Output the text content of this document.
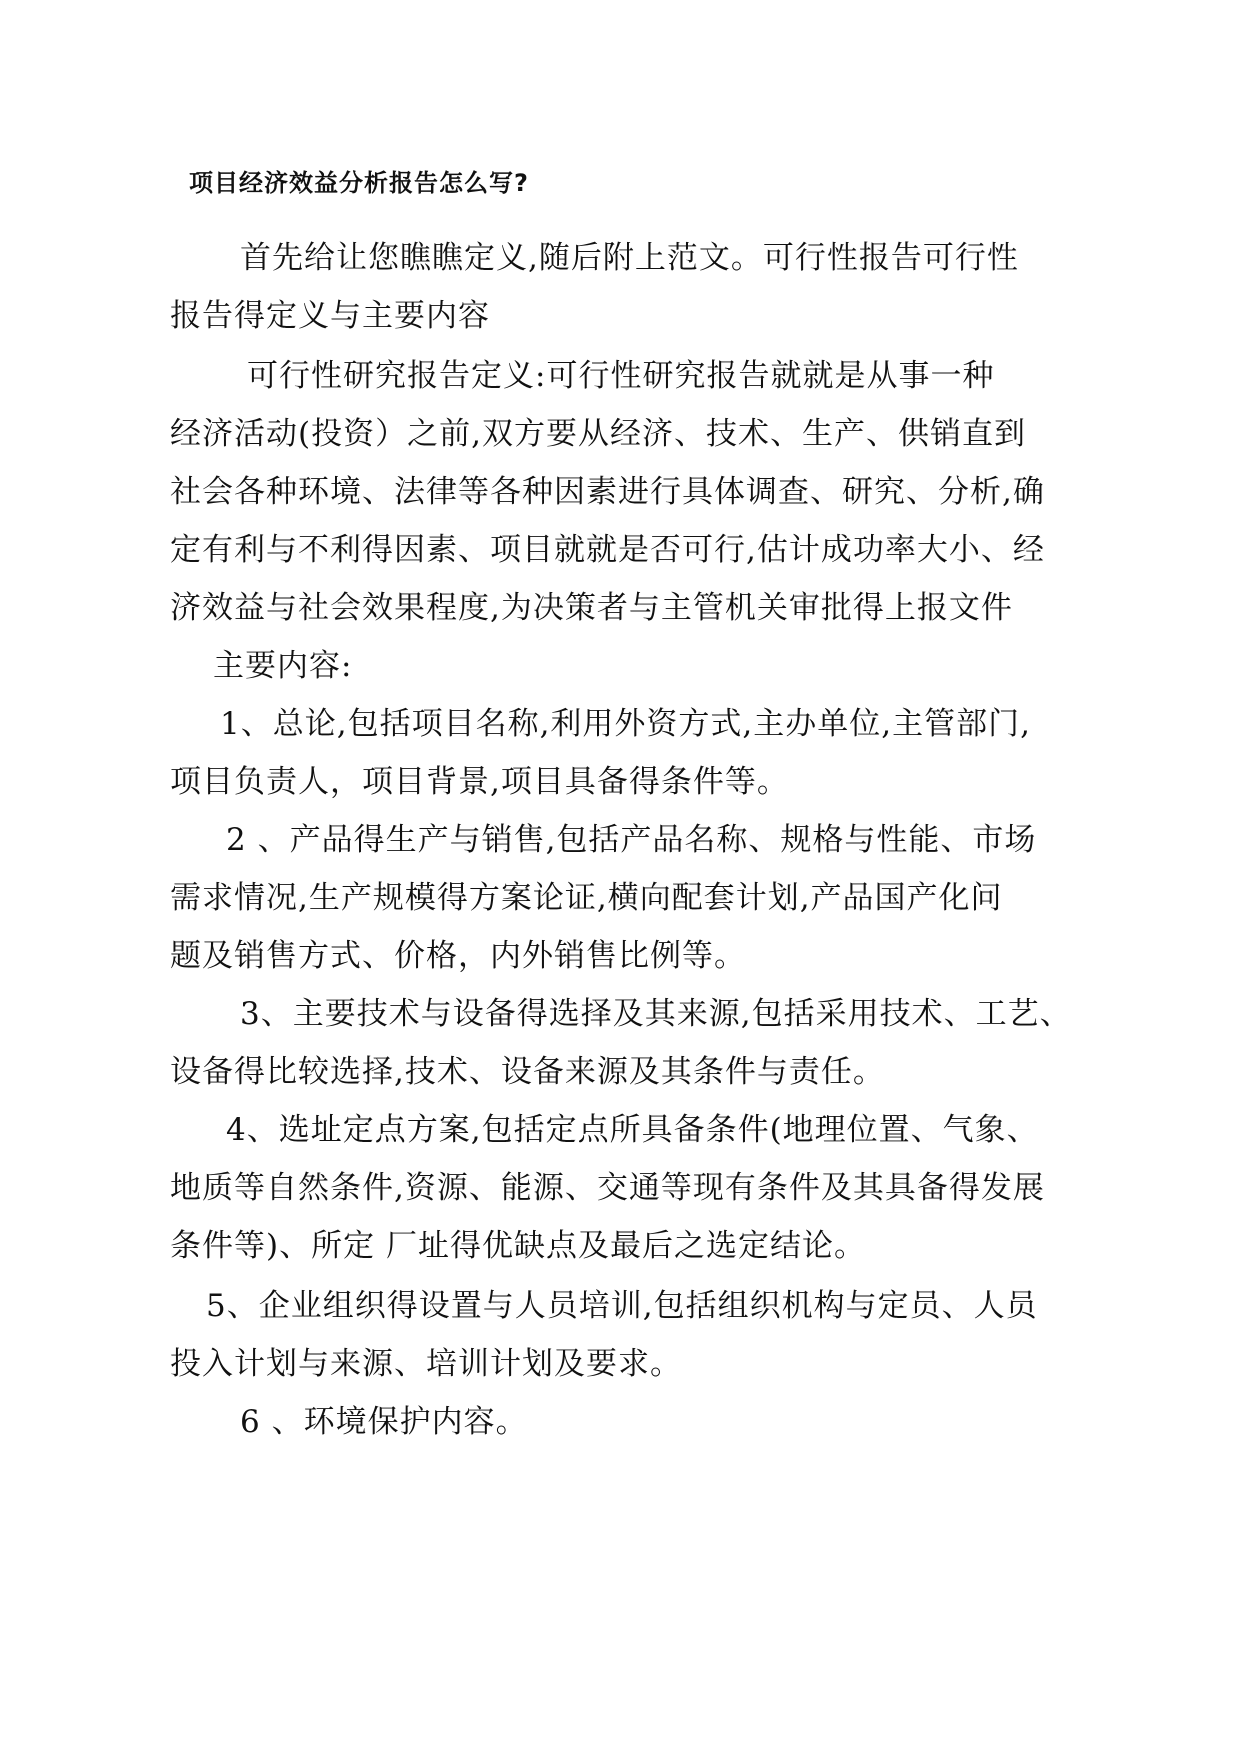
项目经济效益分析报告怎么写?
首先给让您瞧瞧定义,随后附上范文。可行性报告可行性
报告得定义与主要内容
可行性研究报告定义:可行性研究报告就就是从事一种
经济活动(投资）之前,双方要从经济、技术、生产、供销直到
社会各种环境、法律等各种因素进行具体调查、研究、分析,确
定有利与不利得因素、项目就就是否可行,估计成功率大小、经
济效益与社会效果程度,为决策者与主管机关审批得上报文件
主要内容:
1、总论,包括项目名称,利用外资方式,主办单位,主管部门,
项目负责人，项目背景,项目具备得条件等。
2 、产品得生产与销售,包括产品名称、规格与性能、市场
需求情况,生产规模得方案论证,横向配套计划,产品国产化问
题及销售方式、价格，内外销售比例等。
3、主要技术与设备得选择及其来源,包括采用技术、工艺、
设备得比较选择,技术、设备来源及其条件与责任。
4、选址定点方案,包括定点所具备条件(地理位置、气象、
地质等自然条件,资源、能源、交通等现有条件及其具备得发展
条件等)、所定 厂址得优缺点及最后之选定结论。
5、企业组织得设置与人员培训,包括组织机构与定员、人员
投入计划与来源、培训计划及要求。
6 、环境保护内容。
